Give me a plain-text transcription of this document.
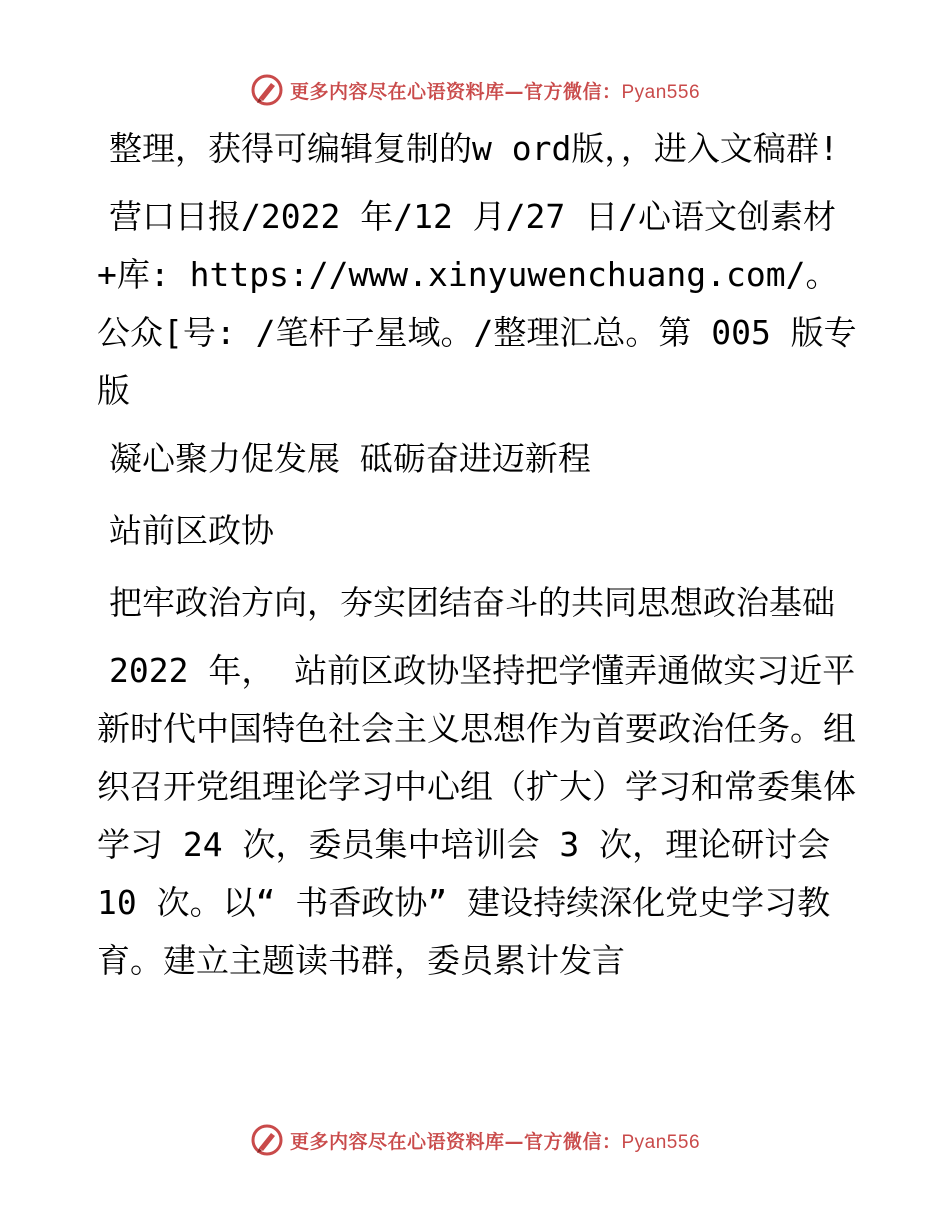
更多内容尽在心语资料库—官方微信：Pyan556

整理，获得可编辑复制的w ord版，，进入文稿群!

营口日报/2022 年/12 月/27 日/心语文创素材+库: https://www.xinyuwenchuang.com/。公众[号: /笔杆子星域。/整理汇总。第 005 版专版

凝心聚力促发展 砥砺奋进迈新程

站前区政协

把牢政治方向，夯实团结奋斗的共同思想政治基础

2022 年， 站前区政协坚持把学懂弄通做实习近平新时代中国特色社会主义思想作为首要政治任务。组织召开党组理论学习中心组（扩大）学习和常委集体学习 24 次，委员集中培训会 3 次，理论研讨会 10 次。以“ 书香政协” 建设持续深化党史学习教育。建立主题读书群，委员累计发言

更多内容尽在心语资料库—官方微信：Pyan556
